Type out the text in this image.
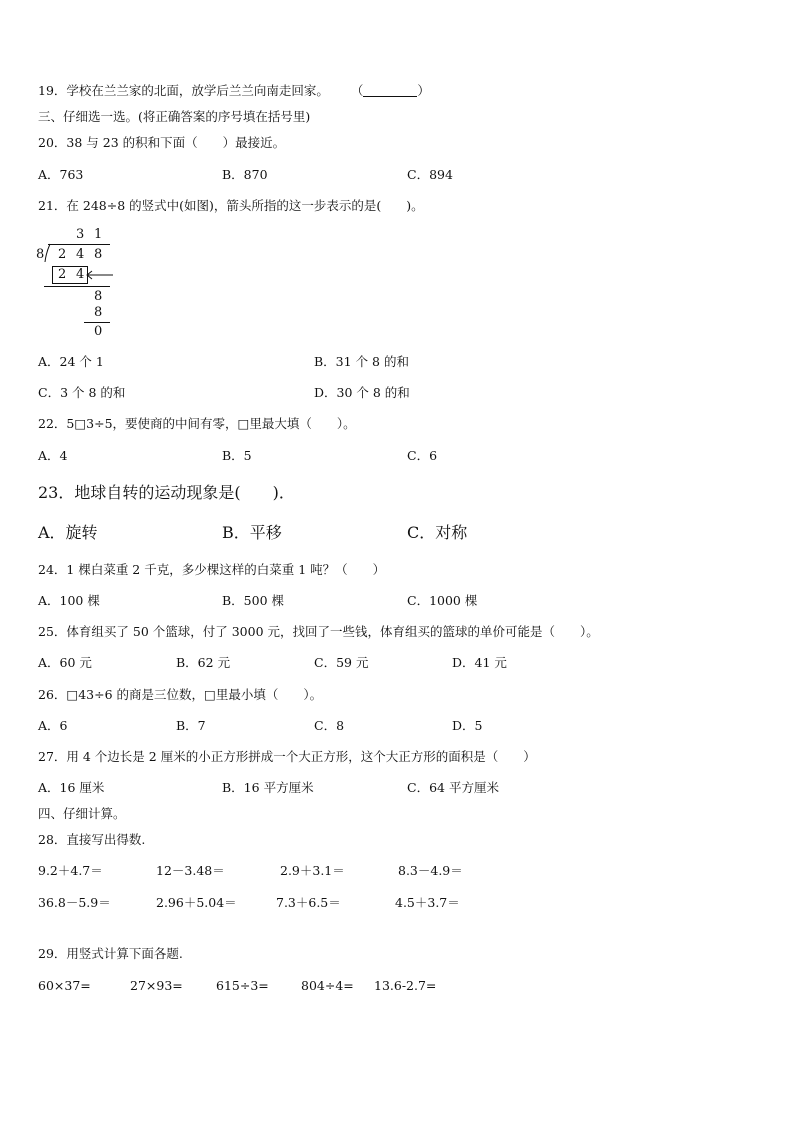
19．学校在兰兰家的北面，放学后兰兰向南走回家。 （	）
三、仔细选一选。(将正确答案的序号填在括号里)
20．38 与 23 的积和下面（　　）最接近。
A．763	B．870	C．894
21．在 248÷8 的竖式中(如图)，箭头所指的这一步表示的是(　　)。
3 1
8 2 4 8
2 4
8
8
0
A．24 个 1	B．31 个 8 的和
C．3 个 8 的和	D．30 个 8 的和
22．5□3÷5，要使商的中间有零，□里最大填（　　）。
A．4	B．5	C．6
23．地球自转的运动现象是(　　)．
A．旋转	B．平移	C．对称
24．1 棵白菜重 2 千克，多少棵这样的白菜重 1 吨？（　　）
A．100 棵	B．500 棵	C．1000 棵
25．体育组买了 50 个篮球，付了 3000 元，找回了一些钱，体育组买的篮球的单价可能是（　　）。
A．60 元	B．62 元	C．59 元	D．41 元
26．□43÷6 的商是三位数，□里最小填（　　）。
A．6	B．7	C．8	D．5
27．用 4 个边长是 2 厘米的小正方形拼成一个大正方形，这个大正方形的面积是（　　）
A．16 厘米	B．16 平方厘米	C．64 平方厘米
四、仔细计算。
28．直接写出得数.
9.2＋4.7＝	12－3.48＝	2.9＋3.1＝	8.3－4.9＝
36.8－5.9＝	2.96＋5.04＝	7.3＋6.5＝	4.5＋3.7＝
29．用竖式计算下面各题.
60×37=	27×93=	615÷3=	804÷4= 13.6-2.7=
